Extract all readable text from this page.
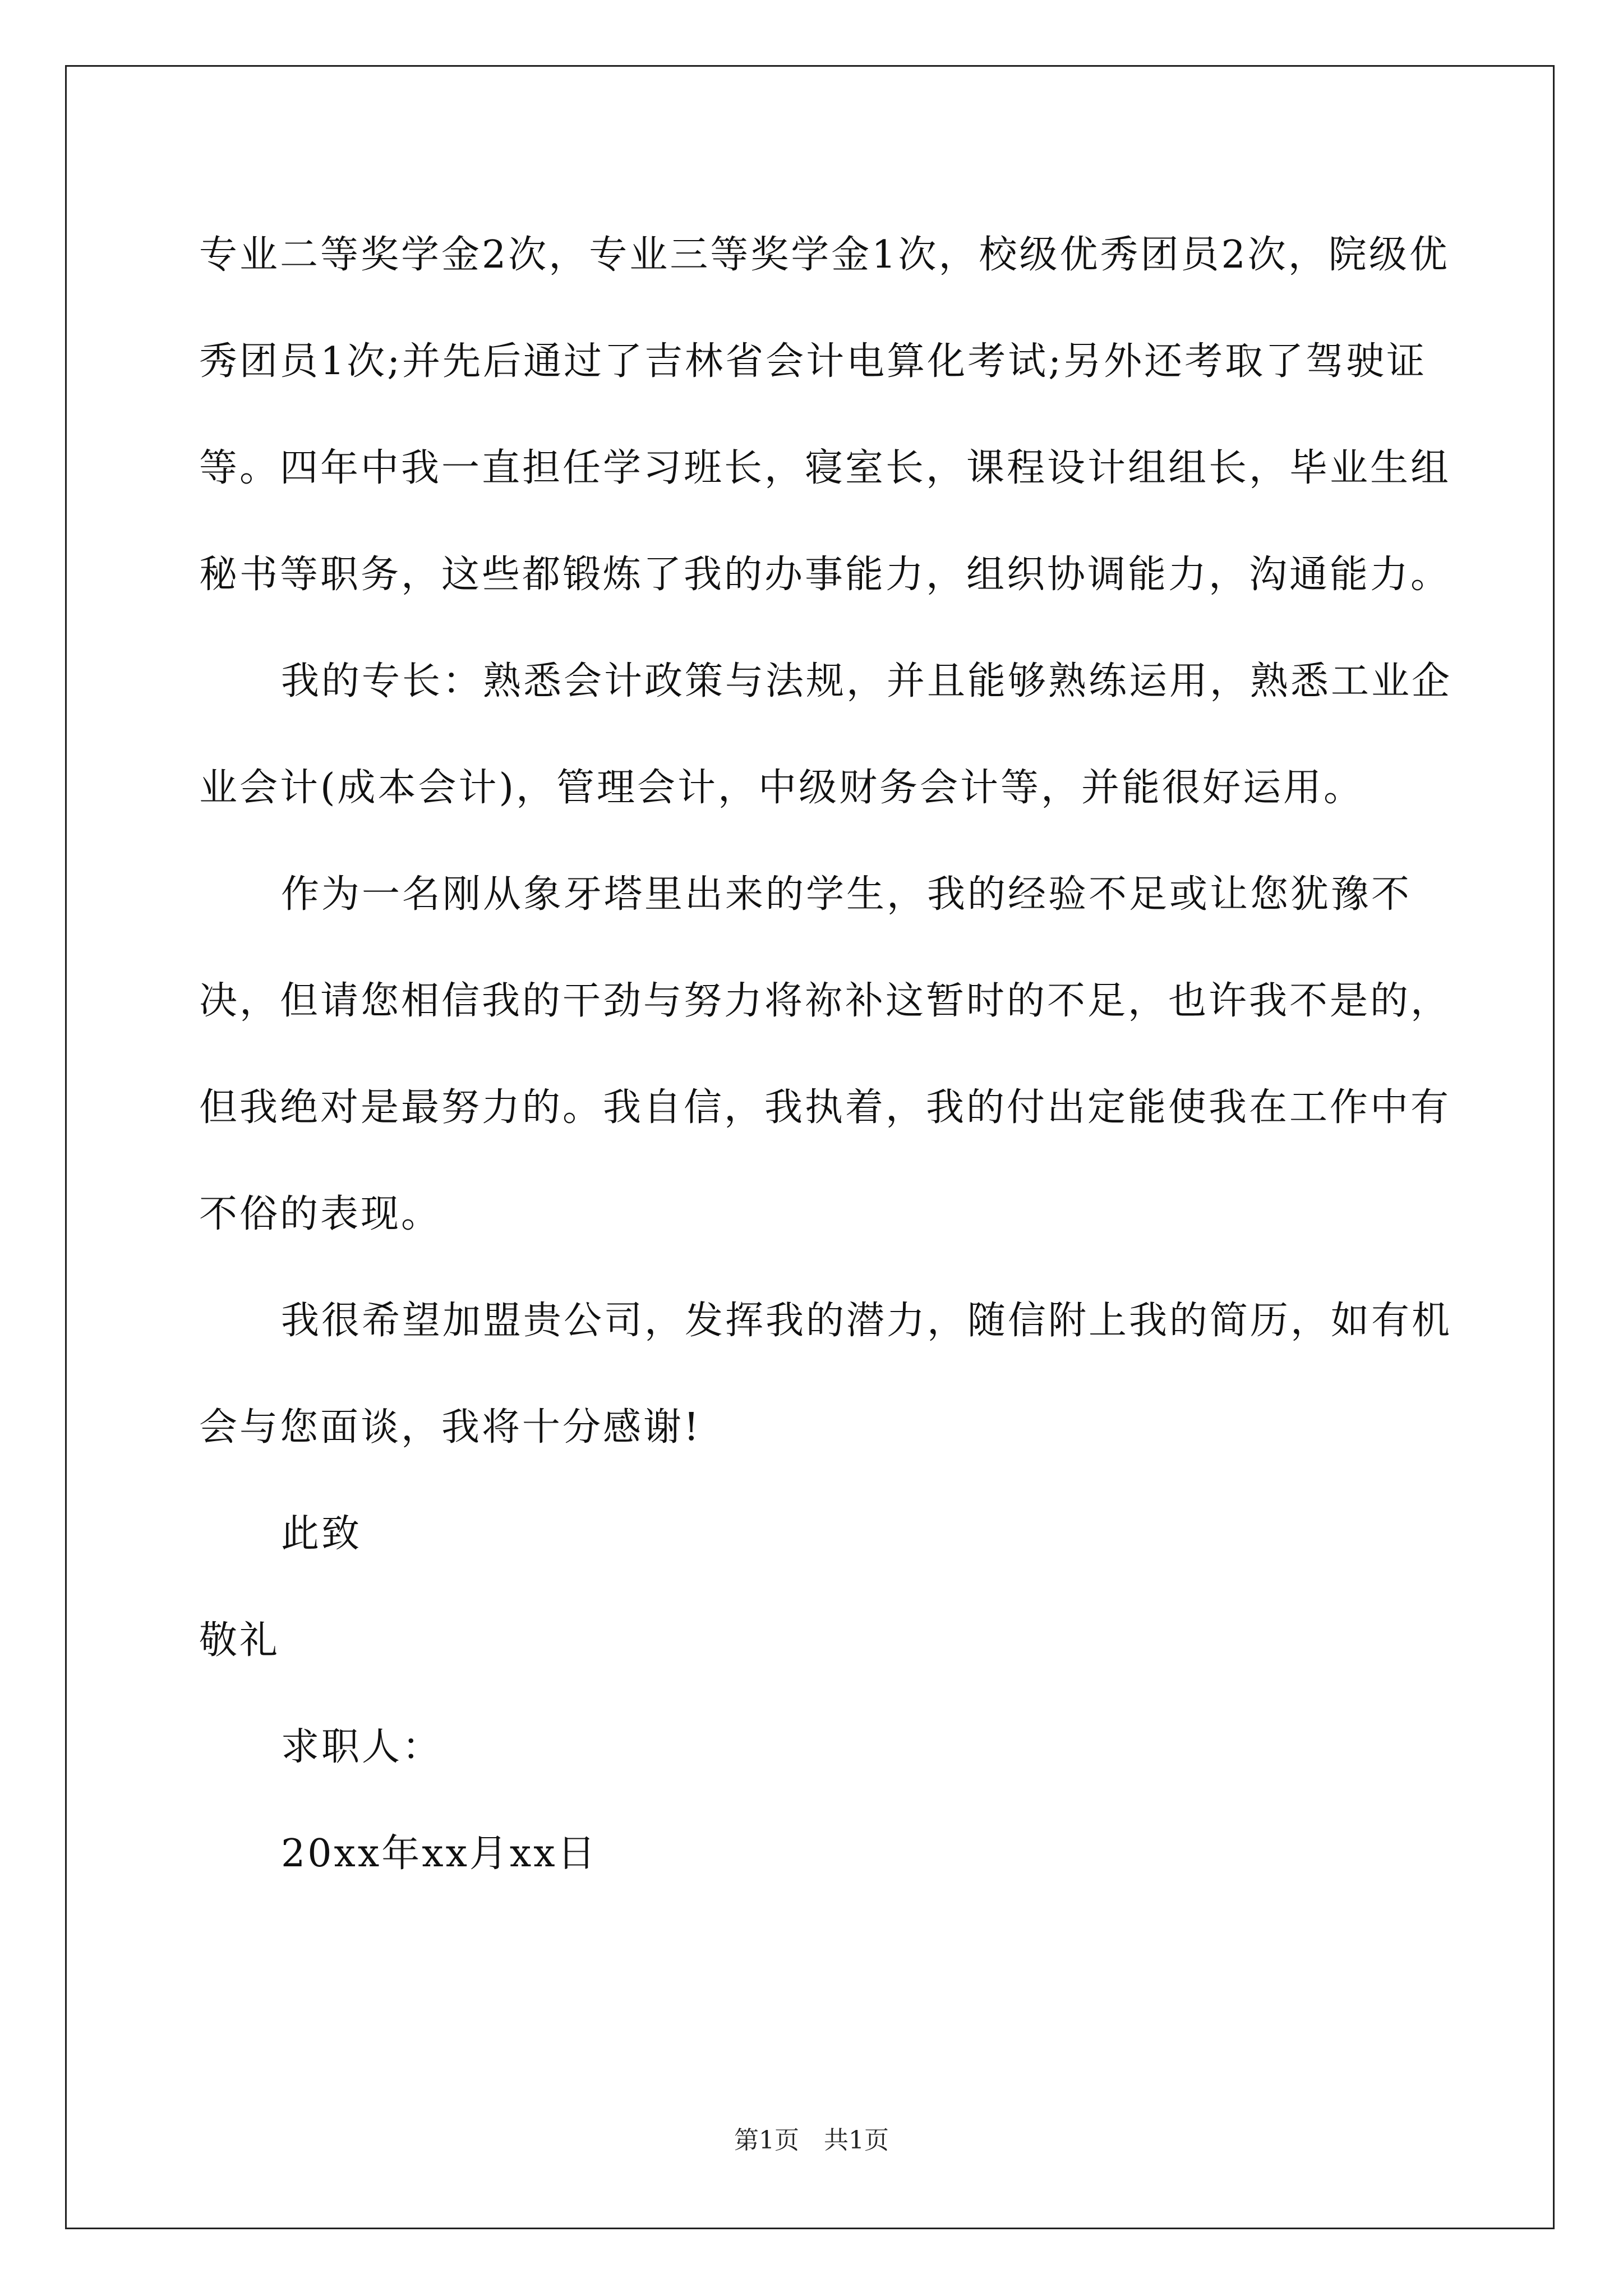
专业二等奖学金2次，专业三等奖学金1次，校级优秀团员2次，院级优秀团员1次;并先后通过了吉林省会计电算化考试;另外还考取了驾驶证等。四年中我一直担任学习班长，寝室长，课程设计组组长，毕业生组秘书等职务，这些都锻炼了我的办事能力，组织协调能力，沟通能力。

我的专长：熟悉会计政策与法规，并且能够熟练运用，熟悉工业企业会计(成本会计)，管理会计，中级财务会计等，并能很好运用。

作为一名刚从象牙塔里出来的学生，我的经验不足或让您犹豫不决，但请您相信我的干劲与努力将祢补这暂时的不足，也许我不是的，但我绝对是最努力的。我自信，我执着，我的付出定能使我在工作中有不俗的表现。

我很希望加盟贵公司，发挥我的潜力，随信附上我的简历，如有机会与您面谈，我将十分感谢!

此致

敬礼

求职人：

20xx年xx月xx日

第1页 共1页
